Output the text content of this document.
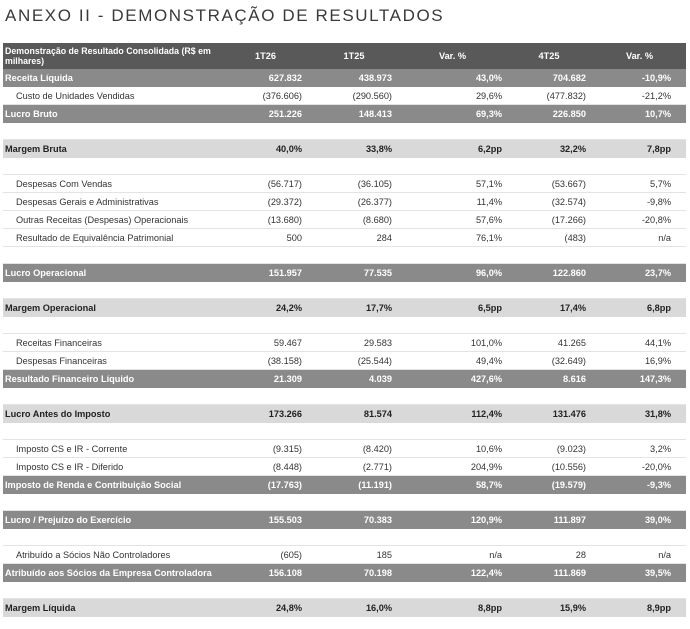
ANEXO II - DEMONSTRAÇÃO DE RESULTADOS
Demonstração de Resultado Consolidada (R$ em milhares)	1T26	1T25	Var. %	4T25	Var. %
Receita Líquida	627.832	438.973	43,0%	704.682	-10,9%
Custo de Unidades Vendidas	(376.606)	(290.560)	29,6%	(477.832)	-21,2%
Lucro Bruto	251.226	148.413	69,3%	226.850	10,7%
Margem Bruta	40,0%	33,8%	6,2pp	32,2%	7,8pp
Despesas Com Vendas	(56.717)	(36.105)	57,1%	(53.667)	5,7%
Despesas Gerais e Administrativas	(29.372)	(26.377)	11,4%	(32.574)	-9,8%
Outras Receitas (Despesas) Operacionais	(13.680)	(8.680)	57,6%	(17.266)	-20,8%
Resultado de Equivalência Patrimonial	500	284	76,1%	(483)	n/a
Lucro Operacional	151.957	77.535	96,0%	122.860	23,7%
Margem Operacional	24,2%	17,7%	6,5pp	17,4%	6,8pp
Receitas Financeiras	59.467	29.583	101,0%	41.265	44,1%
Despesas Financeiras	(38.158)	(25.544)	49,4%	(32.649)	16,9%
Resultado Financeiro Líquido	21.309	4.039	427,6%	8.616	147,3%
Lucro Antes do Imposto	173.266	81.574	112,4%	131.476	31,8%
Imposto CS e IR - Corrente	(9.315)	(8.420)	10,6%	(9.023)	3,2%
Imposto CS e IR - Diferido	(8.448)	(2.771)	204,9%	(10.556)	-20,0%
Imposto de Renda e Contribuição Social	(17.763)	(11.191)	58,7%	(19.579)	-9,3%
Lucro / Prejuízo do Exercício	155.503	70.383	120,9%	111.897	39,0%
Atribuído a Sócios Não Controladores	(605)	185	n/a	28	n/a
Atribuído aos Sócios da Empresa Controladora	156.108	70.198	122,4%	111.869	39,5%
Margem Líquida	24,8%	16,0%	8,8pp	15,9%	8,9pp
